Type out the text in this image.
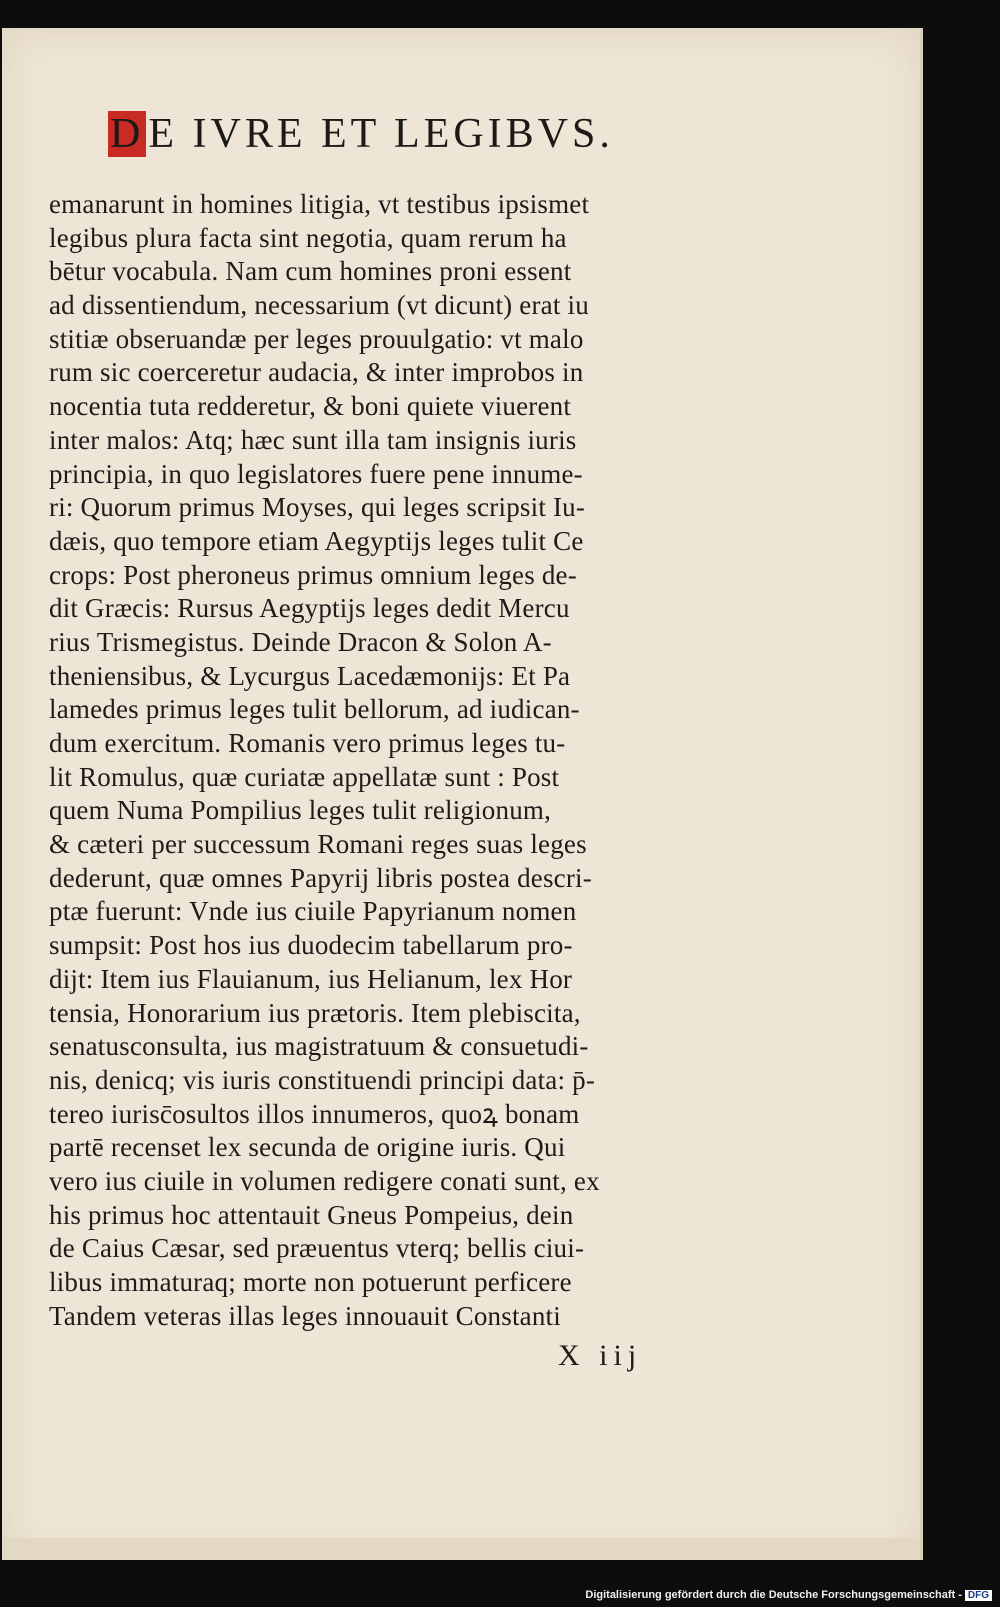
DE IVRE ET LEGIBVS.
emanarunt in homines litigia, vt testibus ipsismet
legibus plura facta sint negotia, quam rerum ha
bētur vocabula. Nam cum homines proni essent
ad dissentiendum, necessarium (vt dicunt) erat iu
stitiæ obseruandæ per leges prouulgatio: vt malo
rum sic coerceretur audacia, & inter improbos in
nocentia tuta redderetur, & boni quiete viuerent
inter malos: Atq; hæc sunt illa tam insignis iuris
principia, in quo legislatores fuere pene innume-
ri: Quorum primus Moyses, qui leges scripsit Iu-
dæis, quo tempore etiam Aegyptijs leges tulit Ce
crops: Post pheroneus primus omnium leges de-
dit Græcis: Rursus Aegyptijs leges dedit Mercu
rius Trismegistus. Deinde Dracon & Solon A-
theniensibus, & Lycurgus Lacedæmonijs: Et Pa
lamedes primus leges tulit bellorum, ad iudican-
dum exercitum. Romanis vero primus leges tu-
lit Romulus, quæ curiatæ appellatæ sunt : Post
quem Numa Pompilius leges tulit religionum,
& cæteri per successum Romani reges suas leges
dederunt, quæ omnes Papyrij libris postea descri-
ptæ fuerunt: Vnde ius ciuile Papyrianum nomen
sumpsit: Post hos ius duodecim tabellarum pro-
dijt: Item ius Flauianum, ius Helianum, lex Hor
tensia, Honorarium ius prætoris. Item plebiscita,
senatusconsulta, ius magistratuum & consuetudi-
nis, denicq; vis iuris constituendi principi data: p̄-
tereo iurisc̄osultos illos innumeros, quoꝝ bonam
partē recenset lex secunda de origine iuris. Qui
vero ius ciuile in volumen redigere conati sunt, ex
his primus hoc attentauit Gneus Pompeius, dein
de Caius Cæsar, sed præuentus vterq; bellis ciui-
libus immaturaq; morte non potuerunt perficere
Tandem veteras illas leges innouauit Constanti
X iij
Digitalisierung gefördert durch die Deutsche Forschungsgemeinschaft - DFG
